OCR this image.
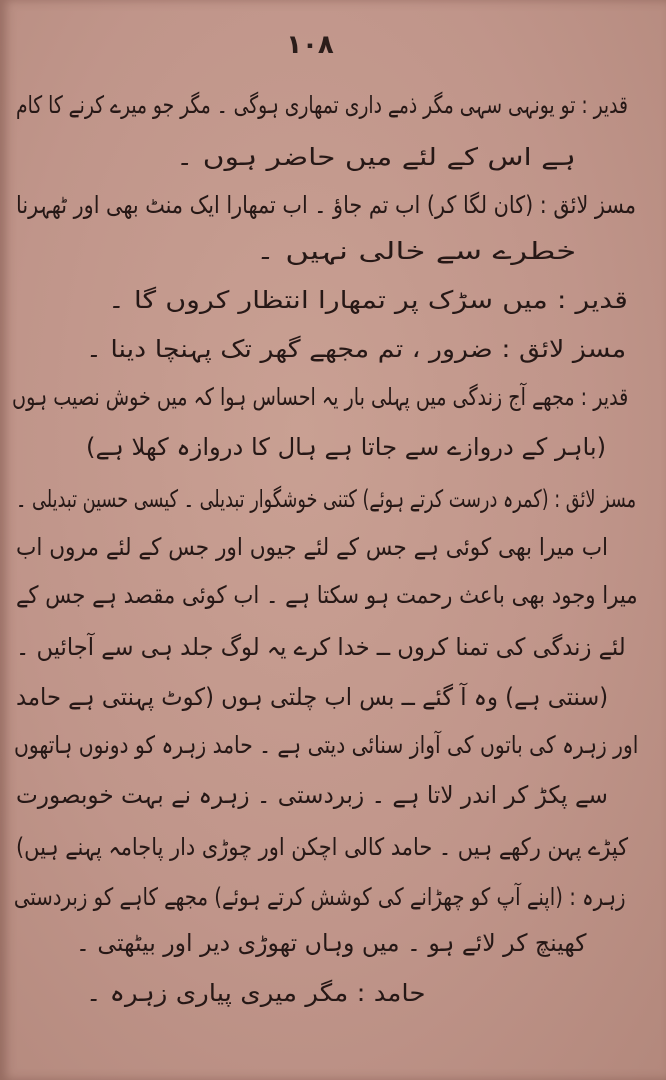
١٠٨
قدیر : تو یونہی سہی مگر ذمے داری تمھاری ہوگی ۔ مگر جو میرے کرنے کا کام
ہے اس کے لئے میں حاضر ہوں ۔
مسز لائق : (کان لگا کر) اب تم جاؤ ۔ اب تمھارا ایک منٹ بھی اور ٹھہرنا
خطرے سے خالی نہیں ۔
قدیر : میں سڑک پر تمھارا انتظار کروں گا ۔
مسز لائق : ضرور ، تم مجھے گھر تک پہنچا دینا ۔
قدیر : مجھے آج زندگی میں پہلی بار یہ احساس ہوا کہ میں خوش نصیب ہوں
(باہر کے دروازے سے جاتا ہے ہال کا دروازہ کھلا ہے)
مسز لائق : (کمرہ درست کرتے ہوئے) کتنی خوشگوار تبدیلی ۔ کیسی حسین تبدیلی ۔
اب میرا بھی کوئی ہے جس کے لئے جیوں اور جس کے لئے مروں اب
میرا وجود بھی باعث رحمت ہو سکتا ہے ۔ اب کوئی مقصد ہے جس کے
لئے زندگی کی تمنا کروں ــ خدا کرے یہ لوگ جلد ہی سے آجائیں ۔
(سنتی ہے) وہ آ گئے ــ بس اب چلتی ہوں (کوٹ پہنتی ہے حامد
اور زہرہ کی باتوں کی آواز سنائی دیتی ہے ۔ حامد زہرہ کو دونوں ہاتھوں
سے پکڑ کر اندر لاتا ہے ۔ زبردستی ۔ زہرہ نے بہت خوبصورت
کپڑے پہن رکھے ہیں ۔ حامد کالی اچکن اور چوڑی دار پاجامہ پہنے ہیں)
زہرہ : (اپنے آپ کو چھڑانے کی کوشش کرتے ہوئے) مجھے کاہے کو زبردستی
کھینچ کر لائے ہو ۔ میں وہاں تھوڑی دیر اور بیٹھتی ۔
حامد : مگر میری پیاری زہرہ ۔
